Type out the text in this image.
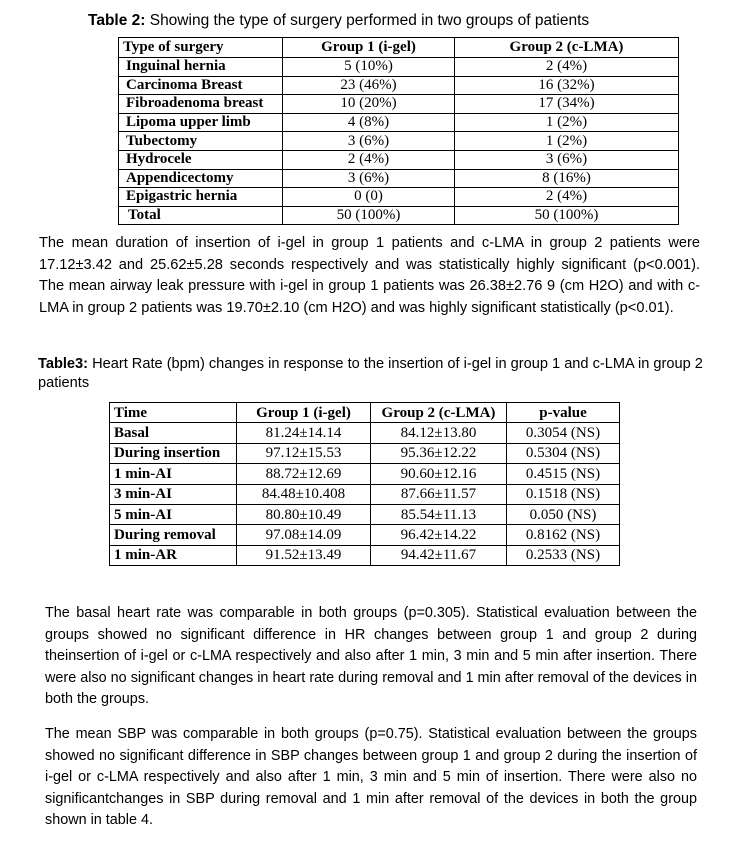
Table 2: Showing the type of surgery performed in two groups of patients
Type of surgery	Group 1 (i-gel)	Group 2 (c-LMA)
Inguinal hernia	5 (10%)	2 (4%)
Carcinoma Breast	23 (46%)	16 (32%)
Fibroadenoma breast	10 (20%)	17 (34%)
Lipoma upper limb	4 (8%)	1 (2%)
Tubectomy	3 (6%)	1 (2%)
Hydrocele	2 (4%)	3 (6%)
Appendicectomy	3 (6%)	8 (16%)
Epigastric hernia	0 (0)	2 (4%)
Total	50 (100%)	50 (100%)
The mean duration of insertion of i-gel in group 1 patients and c-LMA in group 2 patients were 17.12±3.42 and 25.62±5.28 seconds respectively and was statistically highly significant (p<0.001). The mean airway leak pressure with i-gel in group 1 patients was 26.38±2.76 9 (cm H2O) and with c-LMA in group 2 patients was 19.70±2.10 (cm H2O) and was highly significant statistically (p<0.01).
Table3: Heart Rate (bpm) changes in response to the insertion of i-gel in group 1 and c-LMA in group 2 patients
Time	Group 1 (i-gel)	Group 2 (c-LMA)	p-value
Basal	81.24±14.14	84.12±13.80	0.3054 (NS)
During insertion	97.12±15.53	95.36±12.22	0.5304 (NS)
1 min-AI	88.72±12.69	90.60±12.16	0.4515 (NS)
3 min-AI	84.48±10.408	87.66±11.57	0.1518 (NS)
5 min-AI	80.80±10.49	85.54±11.13	0.050 (NS)
During removal	97.08±14.09	96.42±14.22	0.8162 (NS)
1 min-AR	91.52±13.49	94.42±11.67	0.2533 (NS)
The basal heart rate was comparable in both groups (p=0.305). Statistical evaluation between the groups showed no significant difference in HR changes between group 1 and group 2 during theinsertion of i-gel or c-LMA respectively and also after 1 min, 3 min and 5 min after insertion. There were also no significant changes in heart rate during removal and 1 min after removal of the devices in both the groups.
The mean SBP was comparable in both groups (p=0.75). Statistical evaluation between the groups showed no significant difference in SBP changes between group 1 and group 2 during the insertion of i-gel or c-LMA respectively and also after 1 min, 3 min and 5 min of insertion. There were also no significantchanges in SBP during removal and 1 min after removal of the devices in both the group shown in table 4.
